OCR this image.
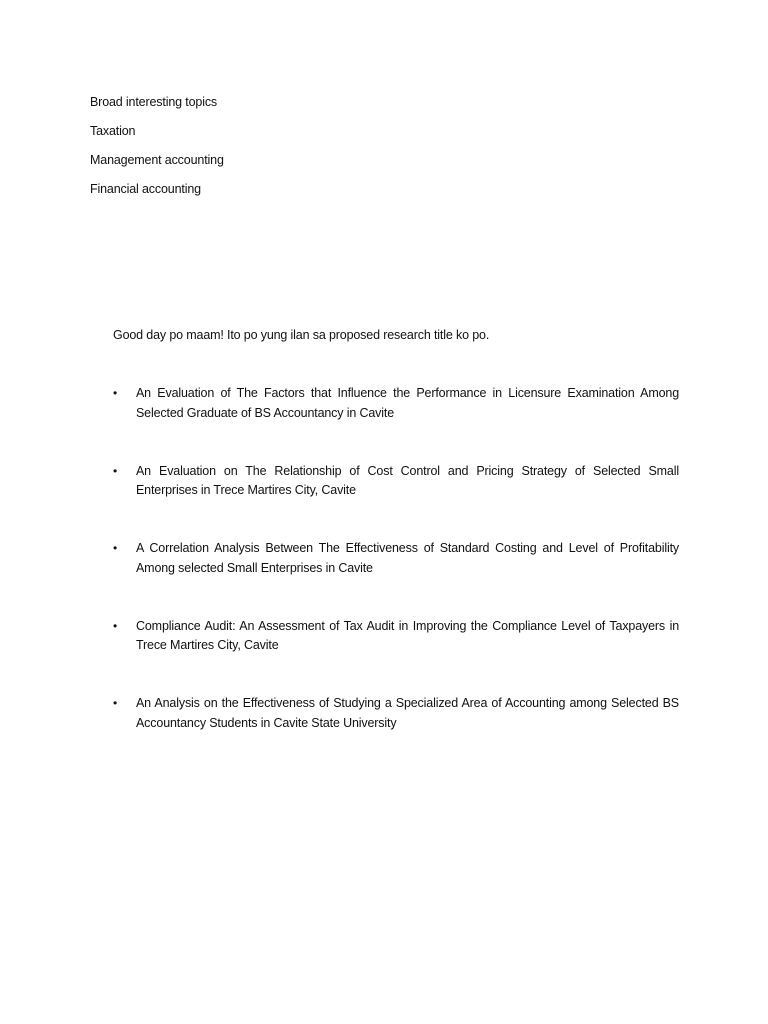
Broad interesting topics
Taxation
Management accounting
Financial accounting
Good day po maam! Ito po yung ilan sa proposed research title ko po.
•	An Evaluation of The Factors that Influence the Performance in Licensure Examination Among Selected Graduate of BS Accountancy in Cavite
•	An Evaluation on The Relationship of Cost Control and Pricing Strategy of Selected Small Enterprises in Trece Martires City, Cavite
•	A Correlation Analysis Between The Effectiveness of Standard Costing and Level of Profitability Among selected Small Enterprises in Cavite
•	Compliance Audit: An Assessment of Tax Audit in Improving the Compliance Level of Taxpayers in Trece Martires City, Cavite
•	An Analysis on the Effectiveness of Studying a Specialized Area of Accounting among Selected BS Accountancy Students in Cavite State University
